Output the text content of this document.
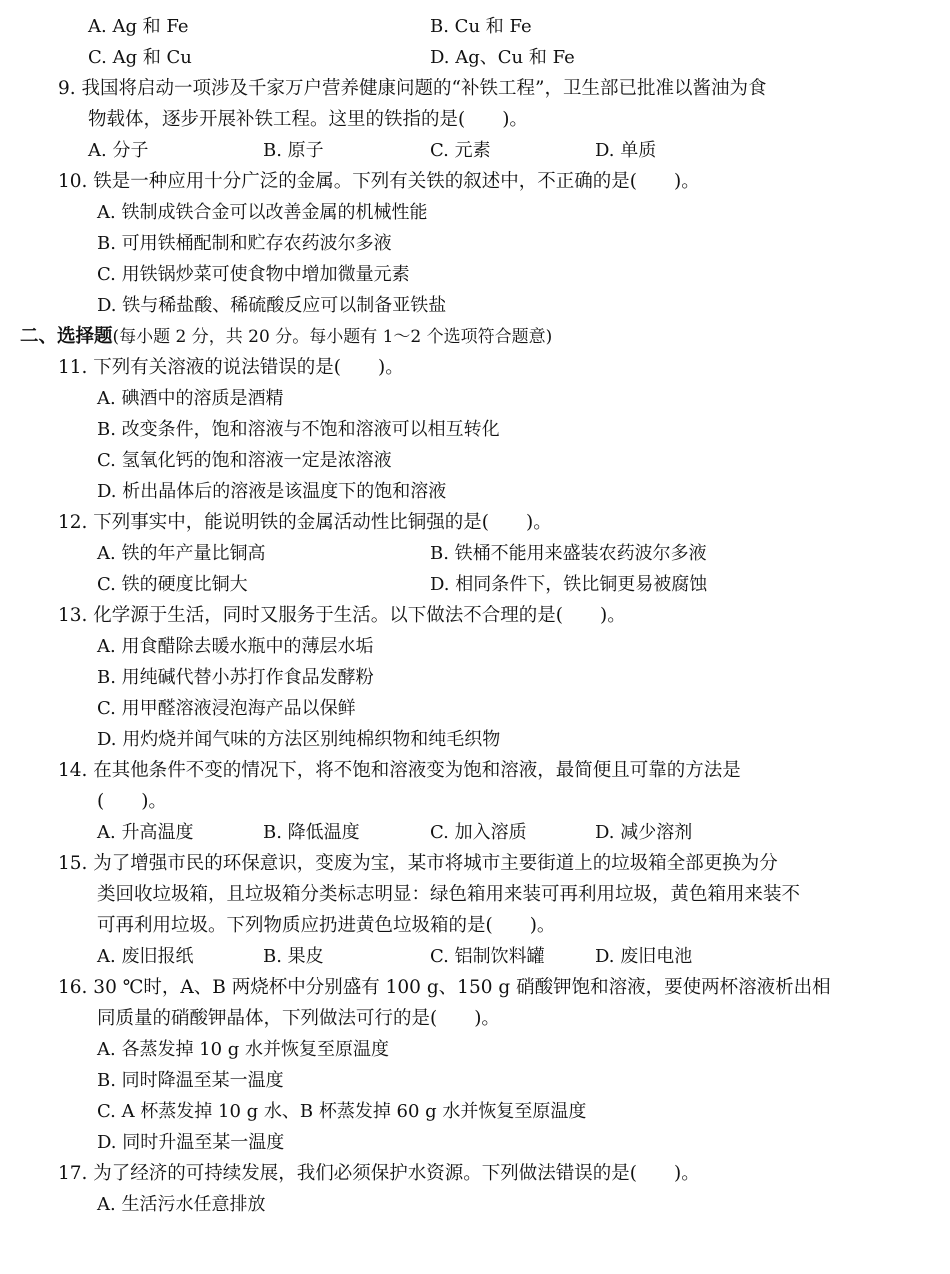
A. Ag 和 Fe	B. Cu 和 Fe
C. Ag 和 Cu	D. Ag、Cu 和 Fe
9. 我国将启动一项涉及千家万户营养健康问题的“补铁工程”，卫生部已批准以酱油为食
物载体，逐步开展补铁工程。这里的铁指的是(　　)。
A. 分子	B. 原子	C. 元素	D. 单质
10. 铁是一种应用十分广泛的金属。下列有关铁的叙述中，不正确的是(　　)。
A. 铁制成铁合金可以改善金属的机械性能
B. 可用铁桶配制和贮存农药波尔多液
C. 用铁锅炒菜可使食物中增加微量元素
D. 铁与稀盐酸、稀硫酸反应可以制备亚铁盐
二、选择题(每小题 2 分，共 20 分。每小题有 1～2 个选项符合题意)
11. 下列有关溶液的说法错误的是(　　)。
A. 碘酒中的溶质是酒精
B. 改变条件，饱和溶液与不饱和溶液可以相互转化
C. 氢氧化钙的饱和溶液一定是浓溶液
D. 析出晶体后的溶液是该温度下的饱和溶液
12. 下列事实中，能说明铁的金属活动性比铜强的是(　　)。
A. 铁的年产量比铜高	B. 铁桶不能用来盛装农药波尔多液
C. 铁的硬度比铜大	D. 相同条件下，铁比铜更易被腐蚀
13. 化学源于生活，同时又服务于生活。以下做法不合理的是(　　)。
A. 用食醋除去暖水瓶中的薄层水垢
B. 用纯碱代替小苏打作食品发酵粉
C. 用甲醛溶液浸泡海产品以保鲜
D. 用灼烧并闻气味的方法区别纯棉织物和纯毛织物
14. 在其他条件不变的情况下，将不饱和溶液变为饱和溶液，最简便且可靠的方法是
(　　)。
A. 升高温度	B. 降低温度	C. 加入溶质	D. 减少溶剂
15. 为了增强市民的环保意识，变废为宝，某市将城市主要街道上的垃圾箱全部更换为分
类回收垃圾箱，且垃圾箱分类标志明显：绿色箱用来装可再利用垃圾，黄色箱用来装不
可再利用垃圾。下列物质应扔进黄色垃圾箱的是(　　)。
A. 废旧报纸	B. 果皮	C. 铝制饮料罐	D. 废旧电池
16. 30 ℃时，A、B 两烧杯中分别盛有 100 g、150 g 硝酸钾饱和溶液，要使两杯溶液析出相
同质量的硝酸钾晶体，下列做法可行的是(　　)。
A. 各蒸发掉 10 g 水并恢复至原温度
B. 同时降温至某一温度
C. A 杯蒸发掉 10 g 水、B 杯蒸发掉 60 g 水并恢复至原温度
D. 同时升温至某一温度
17. 为了经济的可持续发展，我们必须保护水资源。下列做法错误的是(　　)。
A. 生活污水任意排放
